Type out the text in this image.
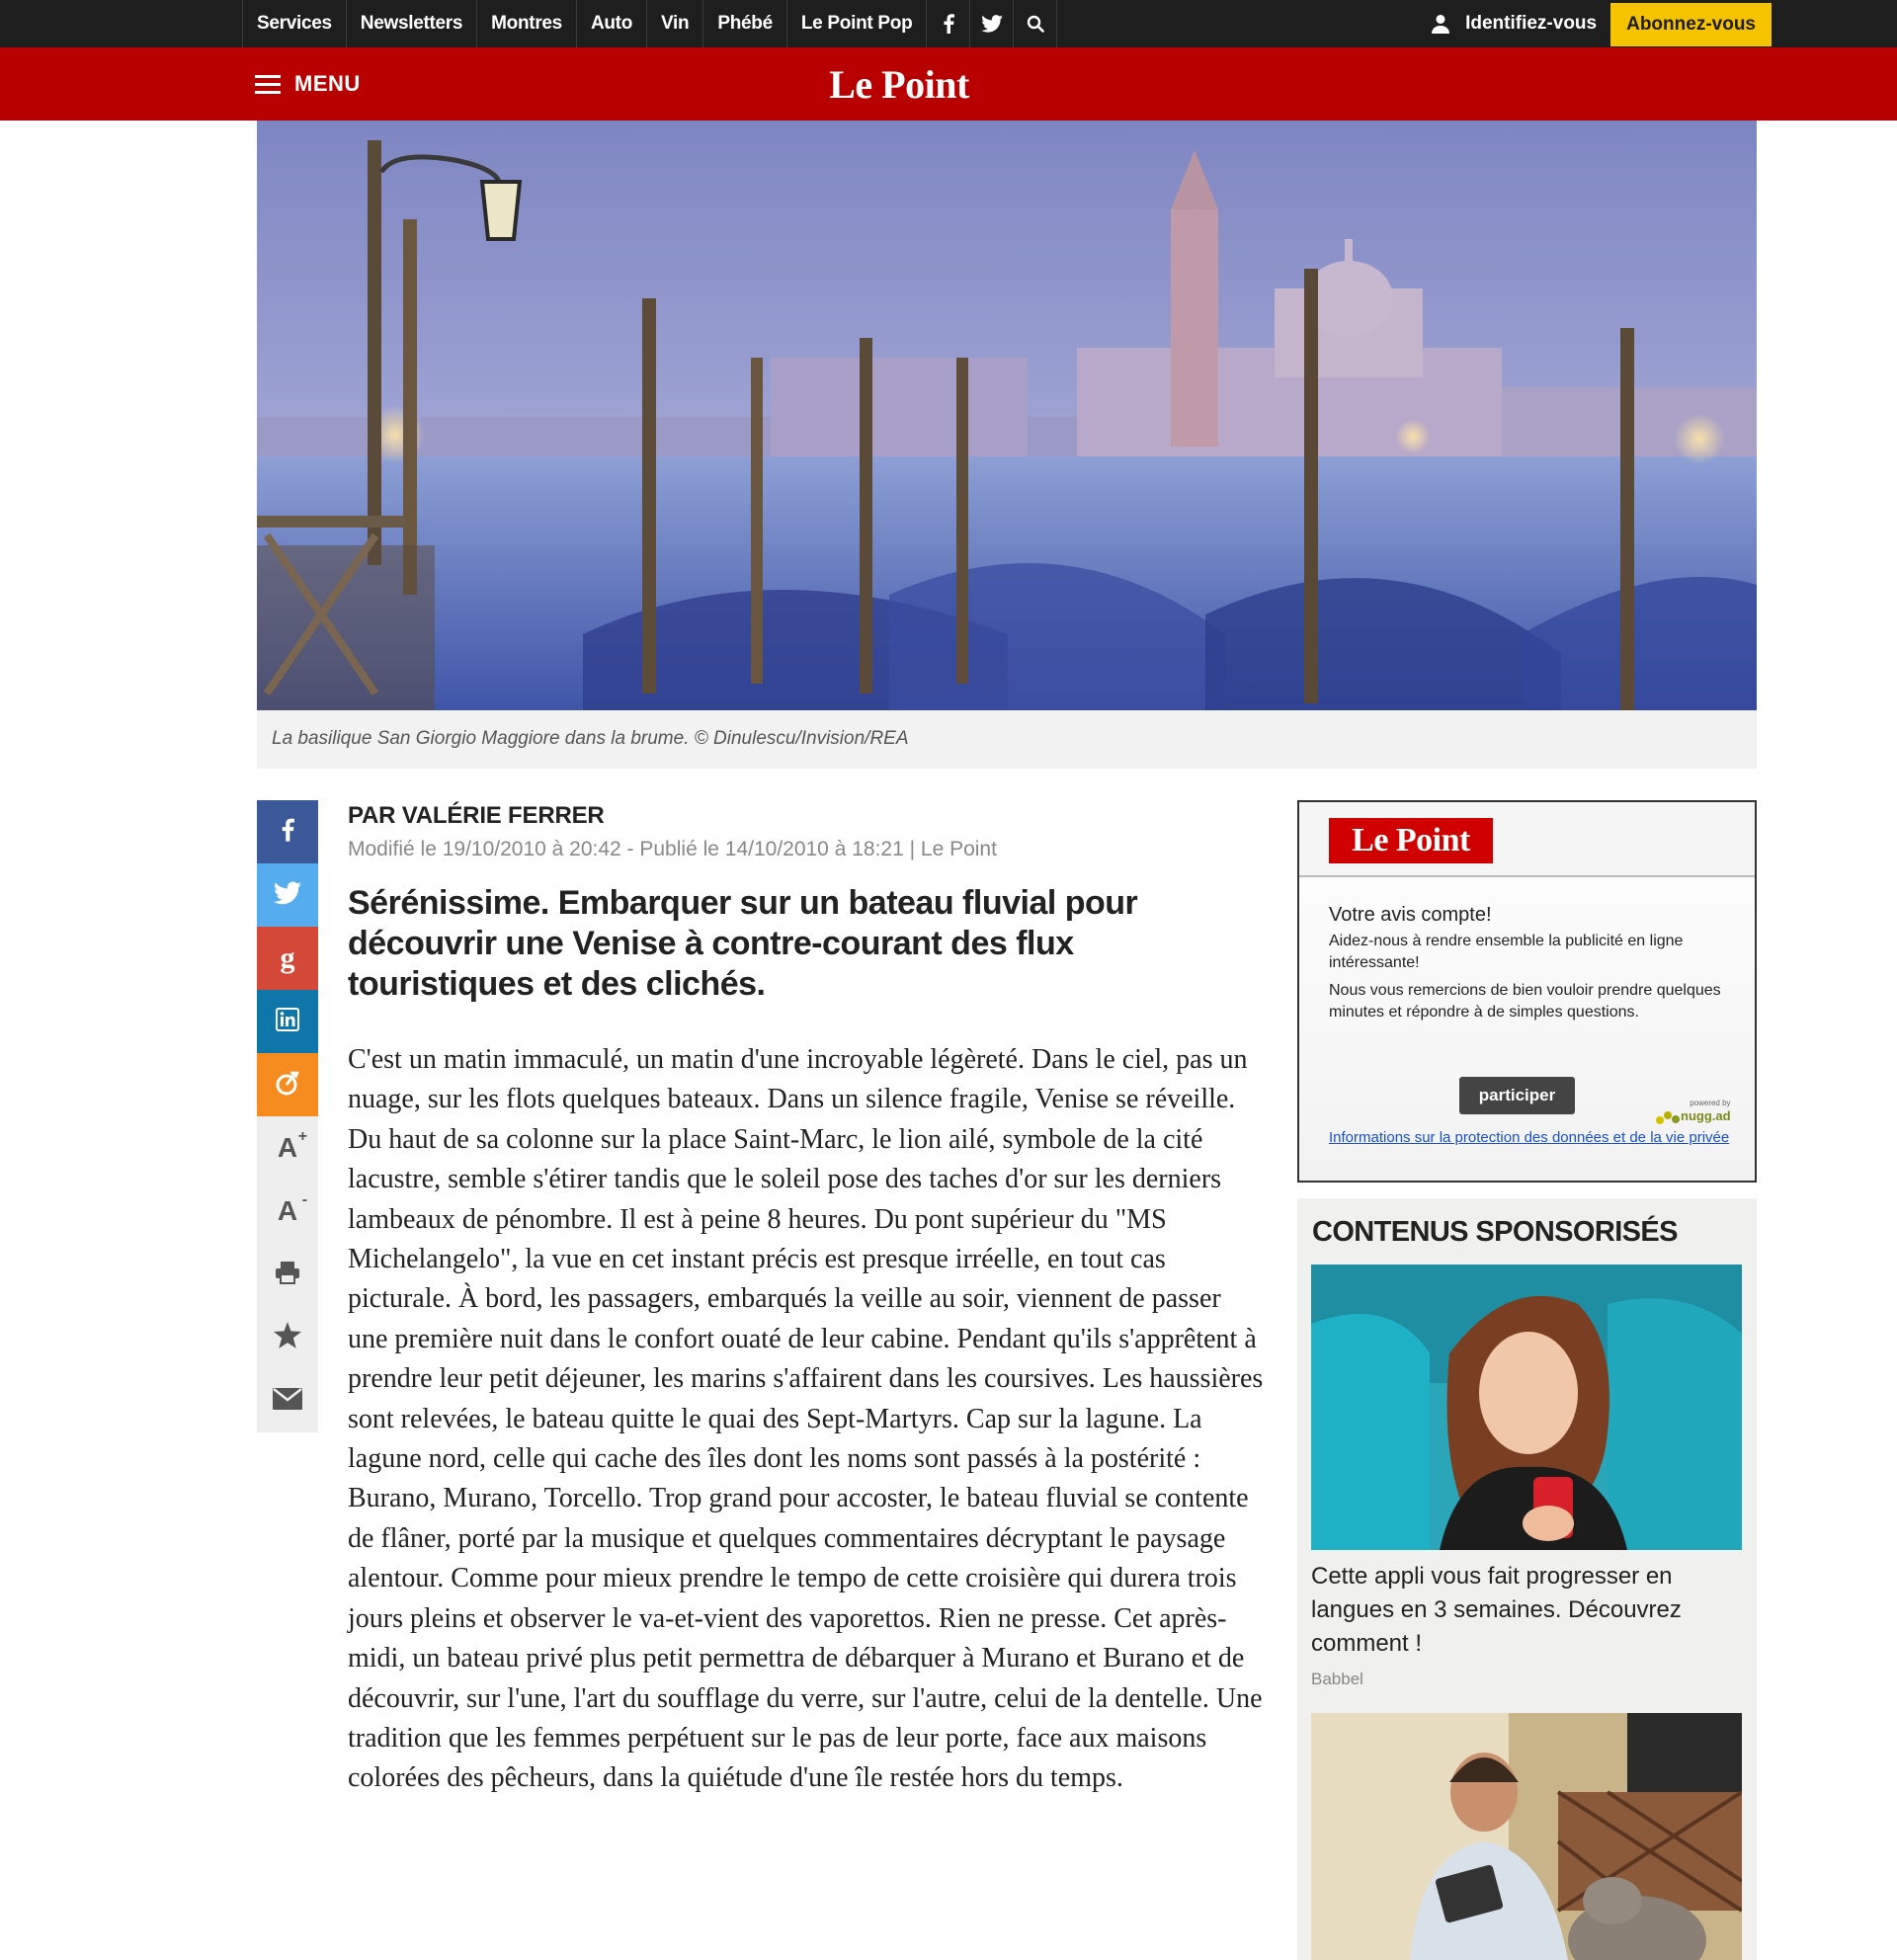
Services	Newsletters	Montres	Auto	Vin	Phébé	Le Point Pop	Identifiez-vous	Abonnez-vous
MENU	Le Point
La basilique San Giorgio Maggiore dans la brume. © Dinulescu/Invision/REA
g
A +
A -
PAR VALÉRIE FERRER
Modifié le 19/10/2010 à 20:42 - Publié le 14/10/2010 à 18:21 | Le Point
Sérénissime. Embarquer sur un bateau fluvial pour découvrir une Venise à contre-courant des flux touristiques et des clichés.

C'est un matin immaculé, un matin d'une incroyable légèreté. Dans le ciel, pas un nuage, sur les flots quelques bateaux. Dans un silence fragile, Venise se réveille. Du haut de sa colonne sur la place Saint-Marc, le lion ailé, symbole de la cité lacustre, semble s'étirer tandis que le soleil pose des taches d'or sur les derniers lambeaux de pénombre. Il est à peine 8 heures. Du pont supérieur du "MS Michelangelo", la vue en cet instant précis est presque irréelle, en tout cas picturale. À bord, les passagers, embarqués la veille au soir, viennent de passer une première nuit dans le confort ouaté de leur cabine. Pendant qu'ils s'apprêtent à prendre leur petit déjeuner, les marins s'affairent dans les coursives. Les haussières sont relevées, le bateau quitte le quai des Sept-Martyrs. Cap sur la lagune. La lagune nord, celle qui cache des îles dont les noms sont passés à la postérité : Burano, Murano, Torcello. Trop grand pour accoster, le bateau fluvial se contente de flâner, porté par la musique et quelques commentaires décryptant le paysage alentour. Comme pour mieux prendre le tempo de cette croisière qui durera trois jours pleins et observer le va-et-vient des vaporettos. Rien ne presse. Cet après-midi, un bateau privé plus petit permettra de débarquer à Murano et Burano et de découvrir, sur l'une, l'art du soufflage du verre, sur l'autre, celui de la dentelle. Une tradition que les femmes perpétuent sur le pas de leur porte, face aux maisons colorées des pêcheurs, dans la quiétude d'une île restée hors du temps.

Le Point
Votre avis compte!
Aidez-nous à rendre ensemble la publicité en ligne intéressante!
Nous vous remercions de bien vouloir prendre quelques minutes et répondre à de simples questions.
participer	powered by
nugg.ad
Informations sur la protection des données et de la vie privée
CONTENUS SPONSORISÉS
Cette appli vous fait progresser en langues en 3 semaines. Découvrez comment !
Babbel
